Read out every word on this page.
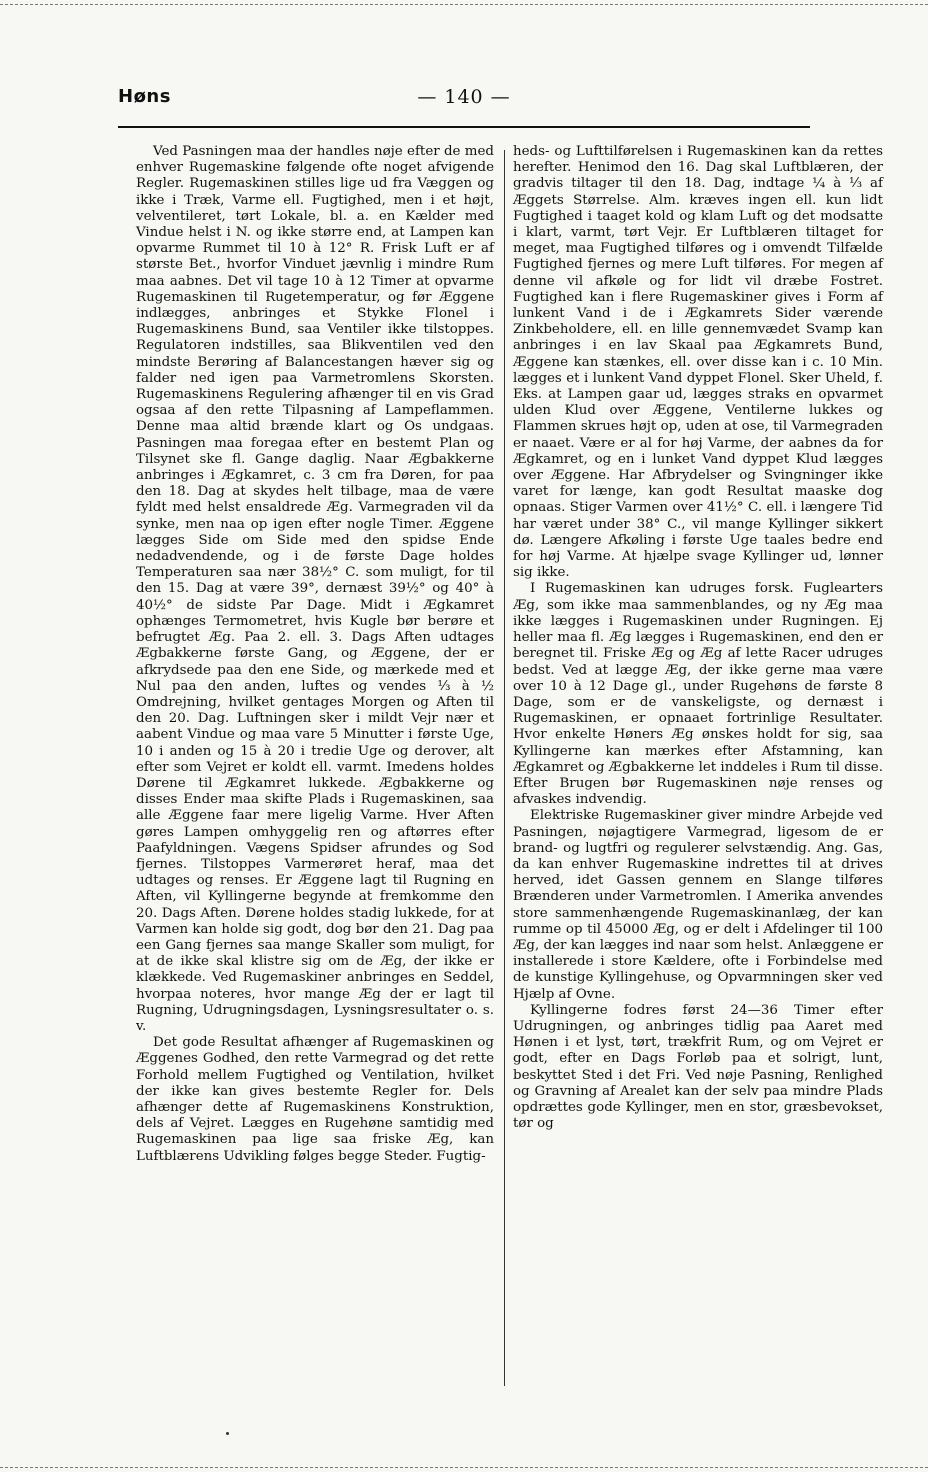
Høns	— 140 —

Ved Pasningen maa der handles nøje efter de med enhver Rugemaskine følgende ofte noget afvigende Regler. Rugemaskinen stilles lige ud fra Væggen og ikke i Træk, Varme ell. Fugtighed, men i et højt, velventileret, tørt Lokale, bl. a. en Kælder med Vindue helst i N. og ikke større end, at Lampen kan opvarme Rummet til 10 à 12° R. Frisk Luft er af største Bet., hvorfor Vinduet jævnlig i mindre Rum maa aabnes. Det vil tage 10 à 12 Timer at opvarme Rugemaskinen til Rugetemperatur, og før Æggene indlægges, anbringes et Stykke Flonel i Rugemaskinens Bund, saa Ventiler ikke tilstoppes. Regulatoren indstilles, saa Blikventilen ved den mindste Berøring af Balancestangen hæver sig og falder ned igen paa Varmetromlens Skorsten. Rugemaskinens Regulering afhænger til en vis Grad ogsaa af den rette Tilpasning af Lampeflammen. Denne maa altid brænde klart og Os undgaas. Pasningen maa foregaa efter en bestemt Plan og Tilsynet ske fl. Gange daglig. Naar Ægbakkerne anbringes i Ægkamret, c. 3 cm fra Døren, for paa den 18. Dag at skydes helt tilbage, maa de være fyldt med helst ensaldrede Æg. Varmegraden vil da synke, men naa op igen efter nogle Timer. Æggene lægges Side om Side med den spidse Ende nedadvendende, og i de første Dage holdes Temperaturen saa nær 38½° C. som muligt, for til den 15. Dag at være 39°, dernæst 39½° og 40° à 40½° de sidste Par Dage. Midt i Ægkamret ophænges Termometret, hvis Kugle bør berøre et befrugtet Æg. Paa 2. ell. 3. Dags Aften udtages Ægbakkerne første Gang, og Æggene, der er afkrydsede paa den ene Side, og mærkede med et Nul paa den anden, luftes og vendes ⅓ à ½ Omdrejning, hvilket gentages Morgen og Aften til den 20. Dag. Luftningen sker i mildt Vejr nær et aabent Vindue og maa vare 5 Minutter i første Uge, 10 i anden og 15 à 20 i tredie Uge og derover, alt efter som Vejret er koldt ell. varmt. Imedens holdes Dørene til Ægkamret lukkede. Ægbakkerne og disses Ender maa skifte Plads i Rugemaskinen, saa alle Æggene faar mere ligelig Varme. Hver Aften gøres Lampen omhyggelig ren og aftørres efter Paafyldningen. Vægens Spidser afrundes og Sod fjernes. Tilstoppes Varmerøret heraf, maa det udtages og renses. Er Æggene lagt til Rugning en Aften, vil Kyllingerne begynde at fremkomme den 20. Dags Aften. Dørene holdes stadig lukkede, for at Varmen kan holde sig godt, dog bør den 21. Dag paa een Gang fjernes saa mange Skaller som muligt, for at de ikke skal klistre sig om de Æg, der ikke er klækkede. Ved Rugemaskiner anbringes en Seddel, hvorpaa noteres, hvor mange Æg der er lagt til Rugning, Udrugningsdagen, Lysningsresultater o. s. v.

Det gode Resultat afhænger af Rugemaskinen og Æggenes Godhed, den rette Varmegrad og det rette Forhold mellem Fugtighed og Ventilation, hvilket der ikke kan gives bestemte Regler for. Dels afhænger dette af Rugemaskinens Konstruktion, dels af Vejret. Lægges en Rugehøne samtidig med Rugemaskinen paa lige saa friske Æg, kan Luftblærens Udvikling følges begge Steder. Fugtig-

heds- og Lufttilførelsen i Rugemaskinen kan da rettes herefter. Henimod den 16. Dag skal Luftblæren, der gradvis tiltager til den 18. Dag, indtage ¼ à ⅓ af Æggets Størrelse. Alm. kræves ingen ell. kun lidt Fugtighed i taaget kold og klam Luft og det modsatte i klart, varmt, tørt Vejr. Er Luftblæren tiltaget for meget, maa Fugtighed tilføres og i omvendt Tilfælde Fugtighed fjernes og mere Luft tilføres. For megen af denne vil afkøle og for lidt vil dræbe Fostret. Fugtighed kan i flere Rugemaskiner gives i Form af lunkent Vand i de i Ægkamrets Sider værende Zinkbeholdere, ell. en lille gennemvædet Svamp kan anbringes i en lav Skaal paa Ægkamrets Bund, Æggene kan stænkes, ell. over disse kan i c. 10 Min. lægges et i lunkent Vand dyppet Flonel. Sker Uheld, f. Eks. at Lampen gaar ud, lægges straks en opvarmet ulden Klud over Æggene, Ventilerne lukkes og Flammen skrues højt op, uden at ose, til Varmegraden er naaet. Være er al for høj Varme, der aabnes da for Ægkamret, og en i lunket Vand dyppet Klud lægges over Æggene. Har Afbrydelser og Svingninger ikke varet for længe, kan godt Resultat maaske dog opnaas. Stiger Varmen over 41½° C. ell. i længere Tid har været under 38° C., vil mange Kyllinger sikkert dø. Længere Afkøling i første Uge taales bedre end for høj Varme. At hjælpe svage Kyllinger ud, lønner sig ikke.

I Rugemaskinen kan udruges forsk. Fuglearters Æg, som ikke maa sammenblandes, og ny Æg maa ikke lægges i Rugemaskinen under Rugningen. Ej heller maa fl. Æg lægges i Rugemaskinen, end den er beregnet til. Friske Æg og Æg af lette Racer udruges bedst. Ved at lægge Æg, der ikke gerne maa være over 10 à 12 Dage gl., under Rugehøns de første 8 Dage, som er de vanskeligste, og dernæst i Rugemaskinen, er opnaaet fortrinlige Resultater. Hvor enkelte Høners Æg ønskes holdt for sig, saa Kyllingerne kan mærkes efter Afstamning, kan Ægkamret og Ægbakkerne let inddeles i Rum til disse. Efter Brugen bør Rugemaskinen nøje renses og afvaskes indvendig.

Elektriske Rugemaskiner giver mindre Arbejde ved Pasningen, nøjagtigere Varmegrad, ligesom de er brand- og lugtfri og regulerer selvstændig. Ang. Gas, da kan enhver Rugemaskine indrettes til at drives herved, idet Gassen gennem en Slange tilføres Brænderen under Varmetromlen. I Amerika anvendes store sammenhængende Rugemaskinanlæg, der kan rumme op til 45000 Æg, og er delt i Afdelinger til 100 Æg, der kan lægges ind naar som helst. Anlæggene er installerede i store Kældere, ofte i Forbindelse med de kunstige Kyllingehuse, og Opvarmningen sker ved Hjælp af Ovne.

Kyllingerne fodres først 24—36 Timer efter Udrugningen, og anbringes tidlig paa Aaret med Hønen i et lyst, tørt, trækfrit Rum, og om Vejret er godt, efter en Dags Forløb paa et solrigt, lunt, beskyttet Sted i det Fri. Ved nøje Pasning, Renlighed og Gravning af Arealet kan der selv paa mindre Plads opdrættes gode Kyllinger, men en stor, græsbevokset, tør og
